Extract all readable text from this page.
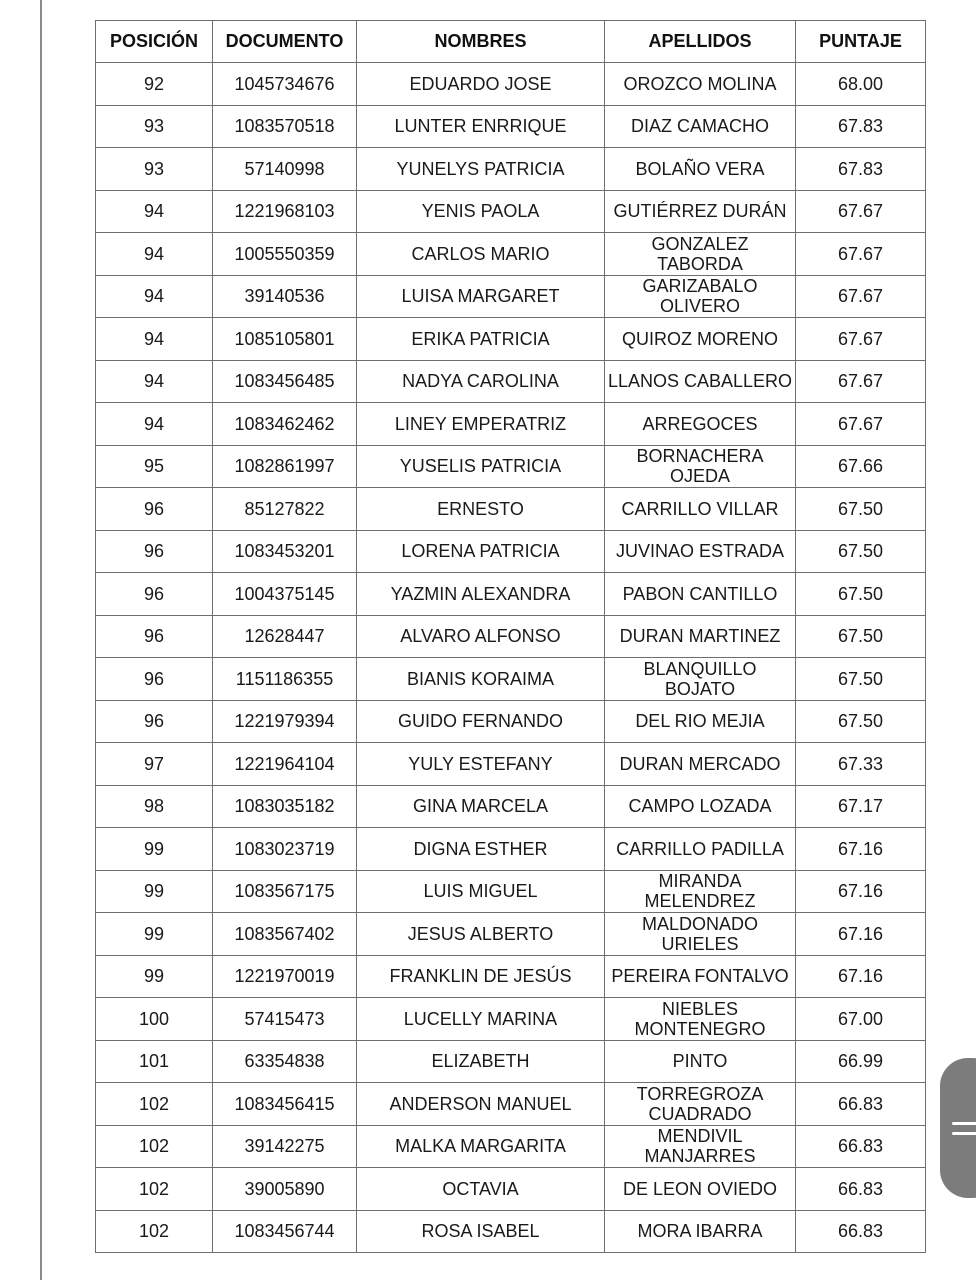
POSICIÓN	DOCUMENTO	NOMBRES	APELLIDOS	PUNTAJE
92	1045734676	EDUARDO JOSE	OROZCO MOLINA	68.00
93	1083570518	LUNTER ENRRIQUE	DIAZ CAMACHO	67.83
93	57140998	YUNELYS PATRICIA	BOLAÑO VERA	67.83
94	1221968103	YENIS PAOLA	GUTIÉRREZ DURÁN	67.67
94	1005550359	CARLOS MARIO	GONZALEZ TABORDA	67.67
94	39140536	LUISA MARGARET	GARIZABALO OLIVERO	67.67
94	1085105801	ERIKA PATRICIA	QUIROZ MORENO	67.67
94	1083456485	NADYA CAROLINA	LLANOS CABALLERO	67.67
94	1083462462	LINEY EMPERATRIZ	ARREGOCES	67.67
95	1082861997	YUSELIS PATRICIA	BORNACHERA OJEDA	67.66
96	85127822	ERNESTO	CARRILLO VILLAR	67.50
96	1083453201	LORENA PATRICIA	JUVINAO ESTRADA	67.50
96	1004375145	YAZMIN ALEXANDRA	PABON CANTILLO	67.50
96	12628447	ALVARO ALFONSO	DURAN MARTINEZ	67.50
96	1151186355	BIANIS KORAIMA	BLANQUILLO BOJATO	67.50
96	1221979394	GUIDO FERNANDO	DEL RIO MEJIA	67.50
97	1221964104	YULY ESTEFANY	DURAN MERCADO	67.33
98	1083035182	GINA MARCELA	CAMPO LOZADA	67.17
99	1083023719	DIGNA ESTHER	CARRILLO PADILLA	67.16
99	1083567175	LUIS MIGUEL	MIRANDA MELENDREZ	67.16
99	1083567402	JESUS ALBERTO	MALDONADO URIELES	67.16
99	1221970019	FRANKLIN DE JESÚS	PEREIRA FONTALVO	67.16
100	57415473	LUCELLY MARINA	NIEBLES MONTENEGRO	67.00
101	63354838	ELIZABETH	PINTO	66.99
102	1083456415	ANDERSON MANUEL	TORREGROZA CUADRADO	66.83
102	39142275	MALKA MARGARITA	MENDIVIL MANJARRES	66.83
102	39005890	OCTAVIA	DE LEON OVIEDO	66.83
102	1083456744	ROSA ISABEL	MORA IBARRA	66.83
